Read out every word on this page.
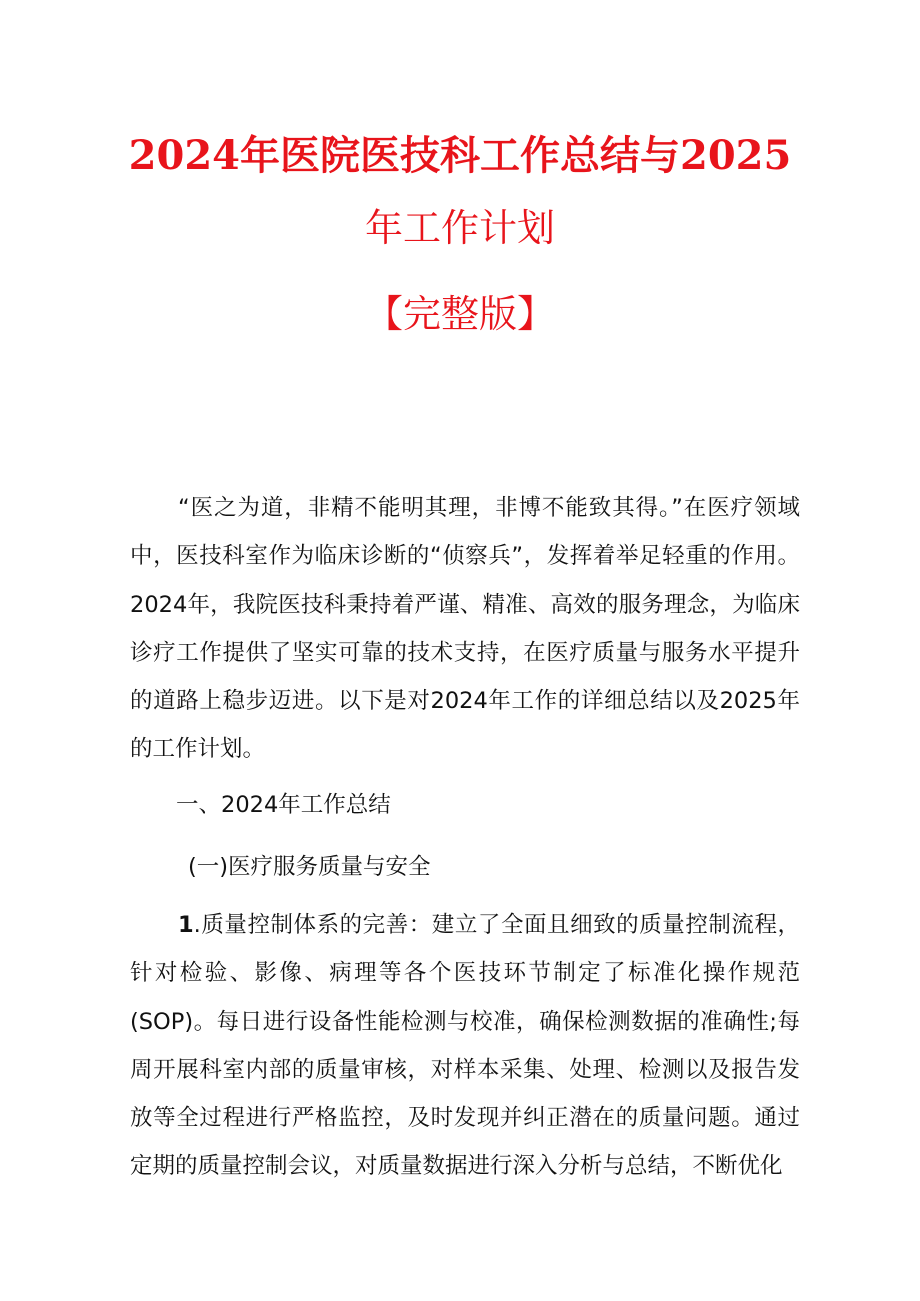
2024年医院医技科工作总结与2025
年工作计划
【完整版】

“医之为道，非精不能明其理，非博不能致其得。”在医疗领域中，医技科室作为临床诊断的“侦察兵”，发挥着举足轻重的作用。2024年，我院医技科秉持着严谨、精准、高效的服务理念，为临床诊疗工作提供了坚实可靠的技术支持，在医疗质量与服务水平提升的道路上稳步迈进。以下是对2024年工作的详细总结以及2025年的工作计划。

一、2024年工作总结

(一)医疗服务质量与安全

1.质量控制体系的完善：建立了全面且细致的质量控制流程，针对检验、影像、病理等各个医技环节制定了标准化操作规范(SOP)。每日进行设备性能检测与校准，确保检测数据的准确性;每周开展科室内部的质量审核，对样本采集、处理、检测以及报告发放等全过程进行严格监控，及时发现并纠正潜在的质量问题。通过定期的质量控制会议，对质量数据进行深入分析与总结，不断优化
